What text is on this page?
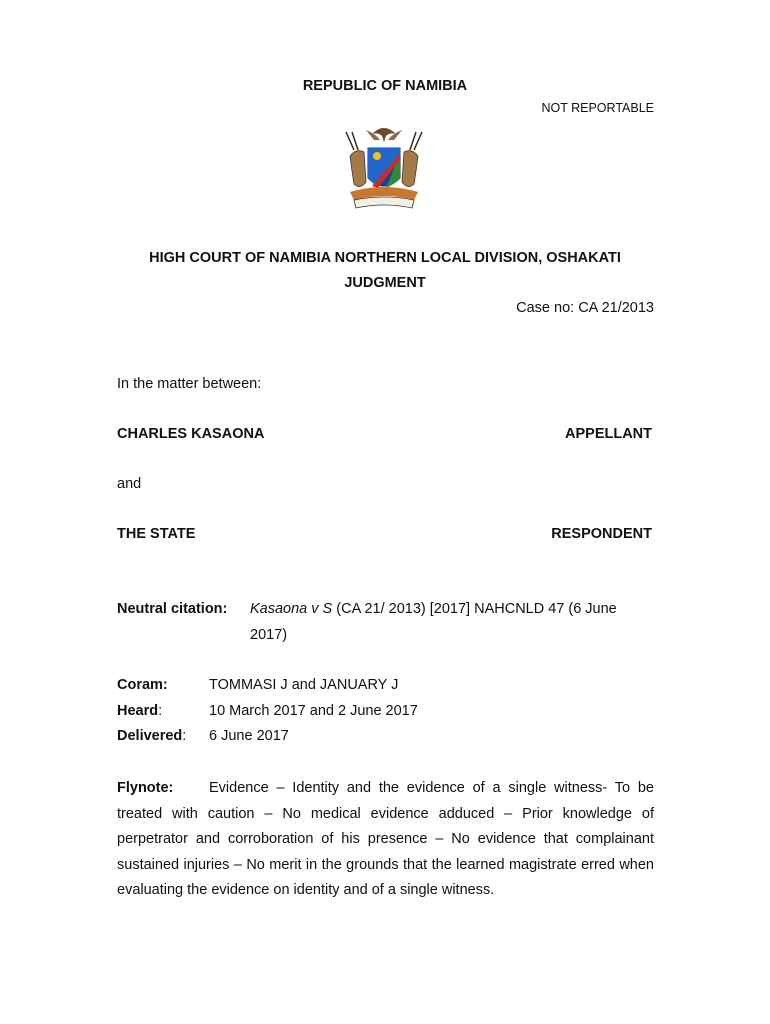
REPUBLIC OF NAMIBIA
NOT REPORTABLE
HIGH COURT OF NAMIBIA NORTHERN LOCAL DIVISION, OSHAKATI
JUDGMENT
Case no: CA 21/2013
In the matter between:
CHARLES KASAONA	APPELLANT
and
THE STATE	RESPONDENT
Neutral citation: Kasaona v S (CA 21/ 2013) [2017] NAHCNLD 47 (6 June
2017)
Coram:	TOMMASI J and JANUARY J
Heard:	10 March 2017 and 2 June 2017
Delivered: 6 June 2017
Flynote: Evidence – Identity and the evidence of a single witness- To be treated with caution – No medical evidence adduced – Prior knowledge of perpetrator and corroboration of his presence – No evidence that complainant sustained injuries – No merit in the grounds that the learned magistrate erred when evaluating the evidence on identity and of a single witness.
